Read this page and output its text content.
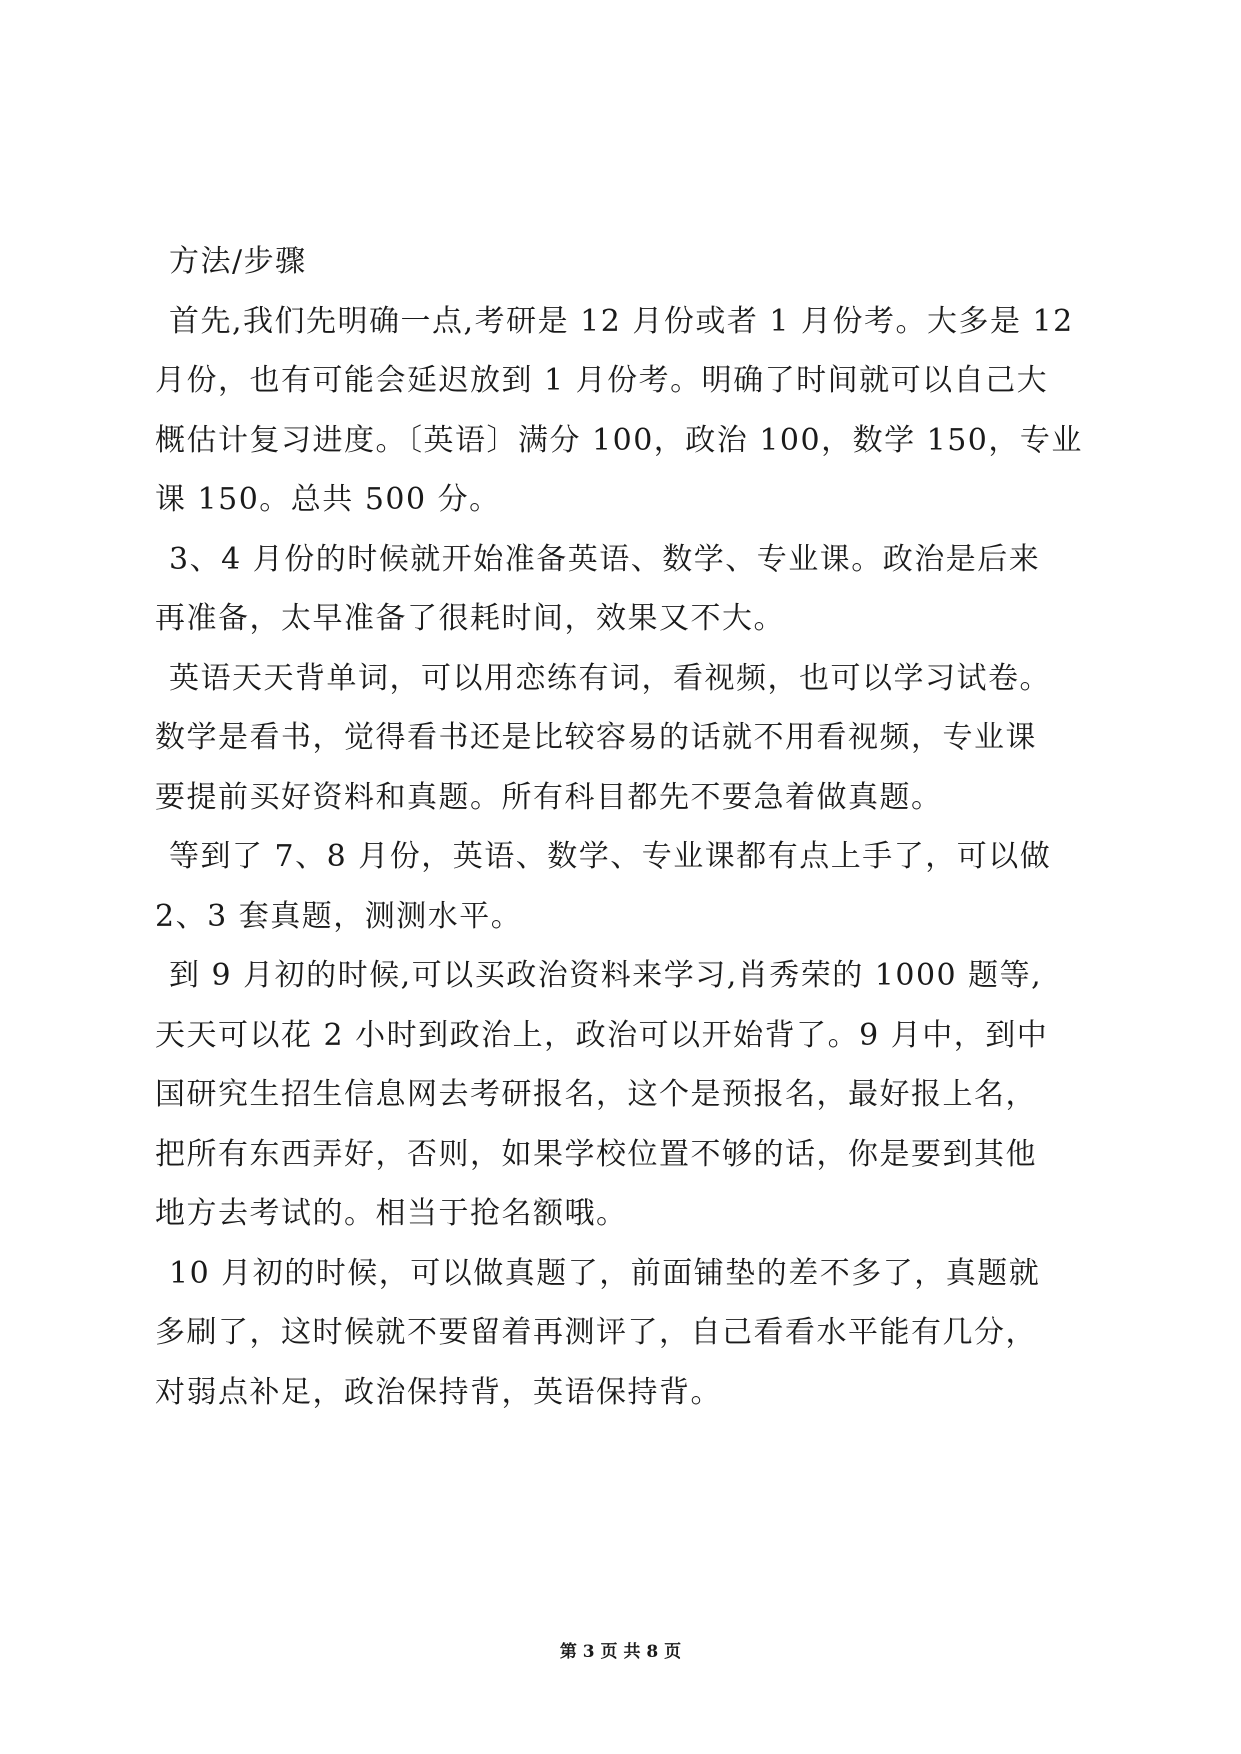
方法/步骤
首先,我们先明确一点,考研是 12 月份或者 1 月份考。大多是 12
月份，也有可能会延迟放到 1 月份考。明确了时间就可以自己大
概估计复习进度。〔英语〕满分 100，政治 100，数学 150，专业
课 150。总共 500 分。
3、4 月份的时候就开始准备英语、数学、专业课。政治是后来
再准备，太早准备了很耗时间，效果又不大。
英语天天背单词，可以用恋练有词，看视频，也可以学习试卷。
数学是看书，觉得看书还是比较容易的话就不用看视频，专业课
要提前买好资料和真题。所有科目都先不要急着做真题。
等到了 7、8 月份，英语、数学、专业课都有点上手了，可以做
2、3 套真题，测测水平。
到 9 月初的时候,可以买政治资料来学习,肖秀荣的 1000 题等,
天天可以花 2 小时到政治上，政治可以开始背了。9 月中，到中
国研究生招生信息网去考研报名，这个是预报名，最好报上名，
把所有东西弄好，否则，如果学校位置不够的话，你是要到其他
地方去考试的。相当于抢名额哦。
10 月初的时候，可以做真题了，前面铺垫的差不多了，真题就
多刷了，这时候就不要留着再测评了，自己看看水平能有几分，
对弱点补足，政治保持背，英语保持背。
第 3 页 共 8 页
